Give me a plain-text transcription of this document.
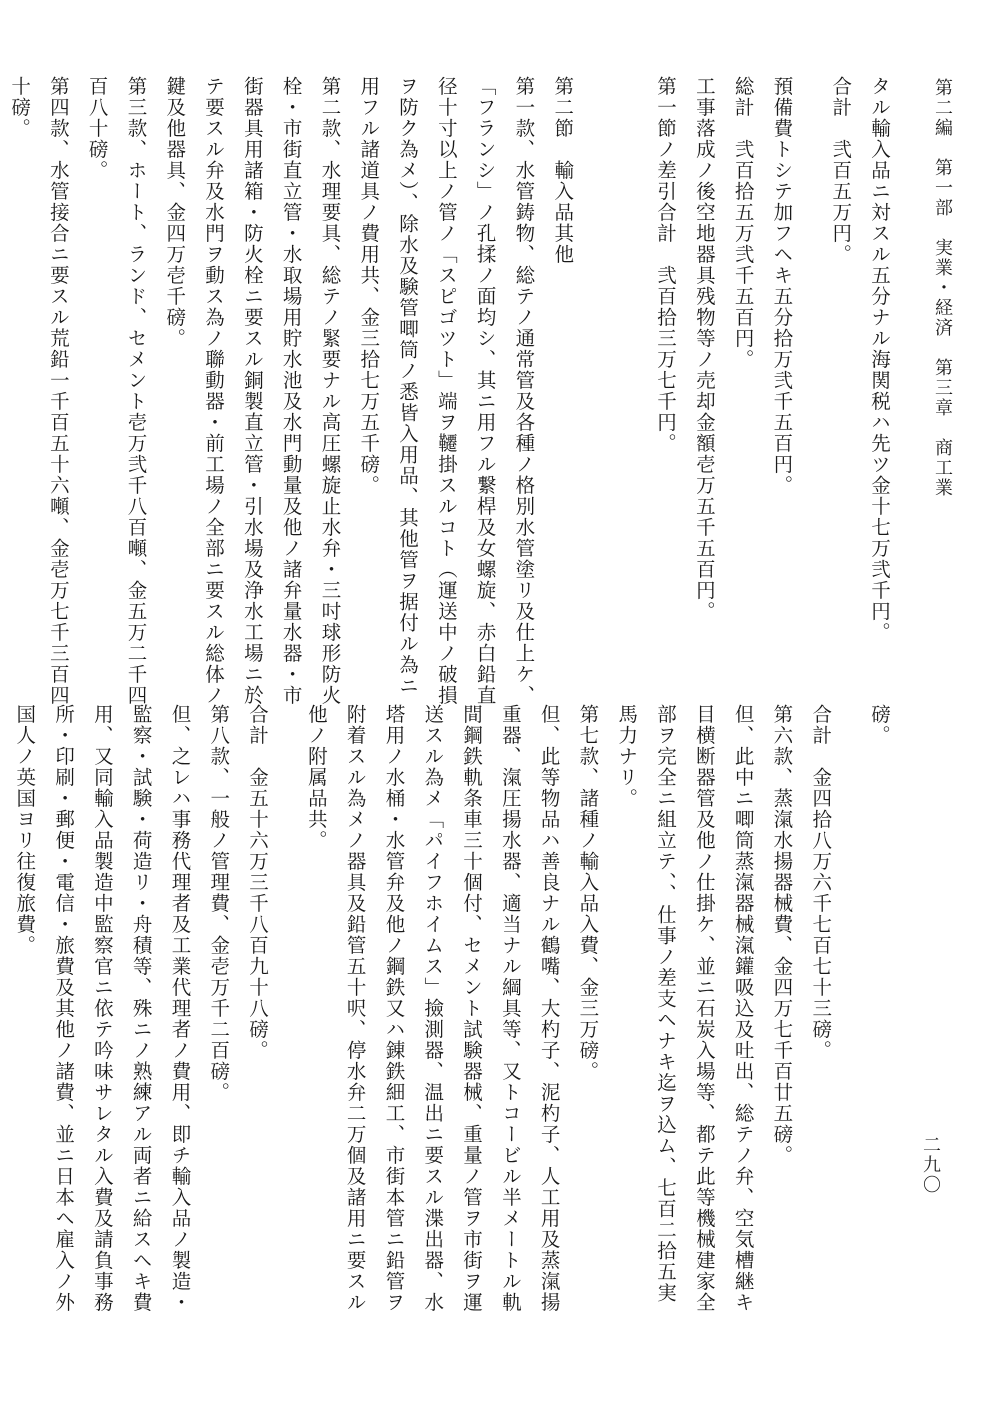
第二編　第一部　実業・経済　第三章　商工業
タル輸入品ニ対スル五分ナル海関税ハ先ツ金十七万弐千円。
合計　弐百五万円。
預備費トシテ加フヘキ五分拾万弐千五百円。
総計　弐百拾五万弐千五百円。
工事落成ノ後空地器具残物等ノ売却金額壱万五千五百円。
第一節ノ差引合計　弐百拾三万七千円。
第二節　輸入品其他
第一款、水管鋳物、総テノ通常管及各種ノ格別水管塗リ及仕上ケ、
「フランシ」ノ孔揉ノ面均シ、其ニ用フル繋桿及女螺旋、赤白鉛直
径十寸以上ノ管ノ「スピゴツト」端ヲ韆掛スルコト（運送中ノ破損
ヲ防ク為メ）、除水及験管唧筒ノ悉皆入用品、其他管ヲ据付ル為ニ
用フル諸道具ノ費用共、金三拾七万五千磅。
第二款、水理要具、総テノ緊要ナル高圧螺旋止水弁・三吋球形防火
栓・市街直立管・水取場用貯水池及水門動量及他ノ諸弁量水器・市
街器具用諸箱・防火栓ニ要スル銅製直立管・引水場及浄水工場ニ於
テ要スル弁及水門ヲ動ス為ノ聯動器・前工場ノ全部ニ要スル総体ノ
鍵及他器具、金四万壱千磅。
第三款、ホート、ランド、セメント壱万弐千八百噸、金五万二千四
百八十磅。
第四款、水管接合ニ要スル荒鉛一千百五十六噸、金壱万七千三百四
十磅。
磅。
合計　金四拾八万六千七百七十三磅。
第六款、蒸滊水揚器械費、金四万七千百廿五磅。
但、此中ニ唧筒蒸滊器械滊鑵吸込及吐出、総テノ弁、空気槽継キ
目横断器管及他ノ仕掛ケ、並ニ石炭入場等、都テ此等機械建家全
部ヲ完全ニ組立テ、、仕事ノ差支ヘナキ迄ヲ込ム、七百二拾五実
馬力ナリ。
第七款、諸種ノ輸入品入費、金三万磅。
但、此等物品ハ善良ナル鶴嘴、大杓子、泥杓子、人工用及蒸滊揚
重器、滊圧揚水器、適当ナル綱具等、又トコービル半メートル軌
間鋼鉄軌条車三十個付、セメント試験器械、重量ノ管ヲ市街ヲ運
送スル為メ「パイフホイムス」撿測器、温出ニ要スル渫出器、水
塔用ノ水桶・水管弁及他ノ鋼鉄又ハ錬鉄細工、市街本管ニ鉛管ヲ
附着スル為メノ器具及鉛管五十呎、停水弁二万個及諸用ニ要スル
他ノ附属品共。
合計　金五十六万三千八百九十八磅。
第八款、一般ノ管理費、金壱万千二百磅。
但、之レハ事務代理者及工業代理者ノ費用、即チ輸入品ノ製造・
監察・試験・荷造リ・舟積等、殊ニノ熟練アル両者ニ給スヘキ費
用、又同輸入品製造中監察官ニ依テ吟味サレタル入費及請負事務
所・印刷・郵便・電信・旅費及其他ノ諸費、並ニ日本ヘ雇入ノ外
国人ノ英国ヨリ往復旅費。
二九〇
